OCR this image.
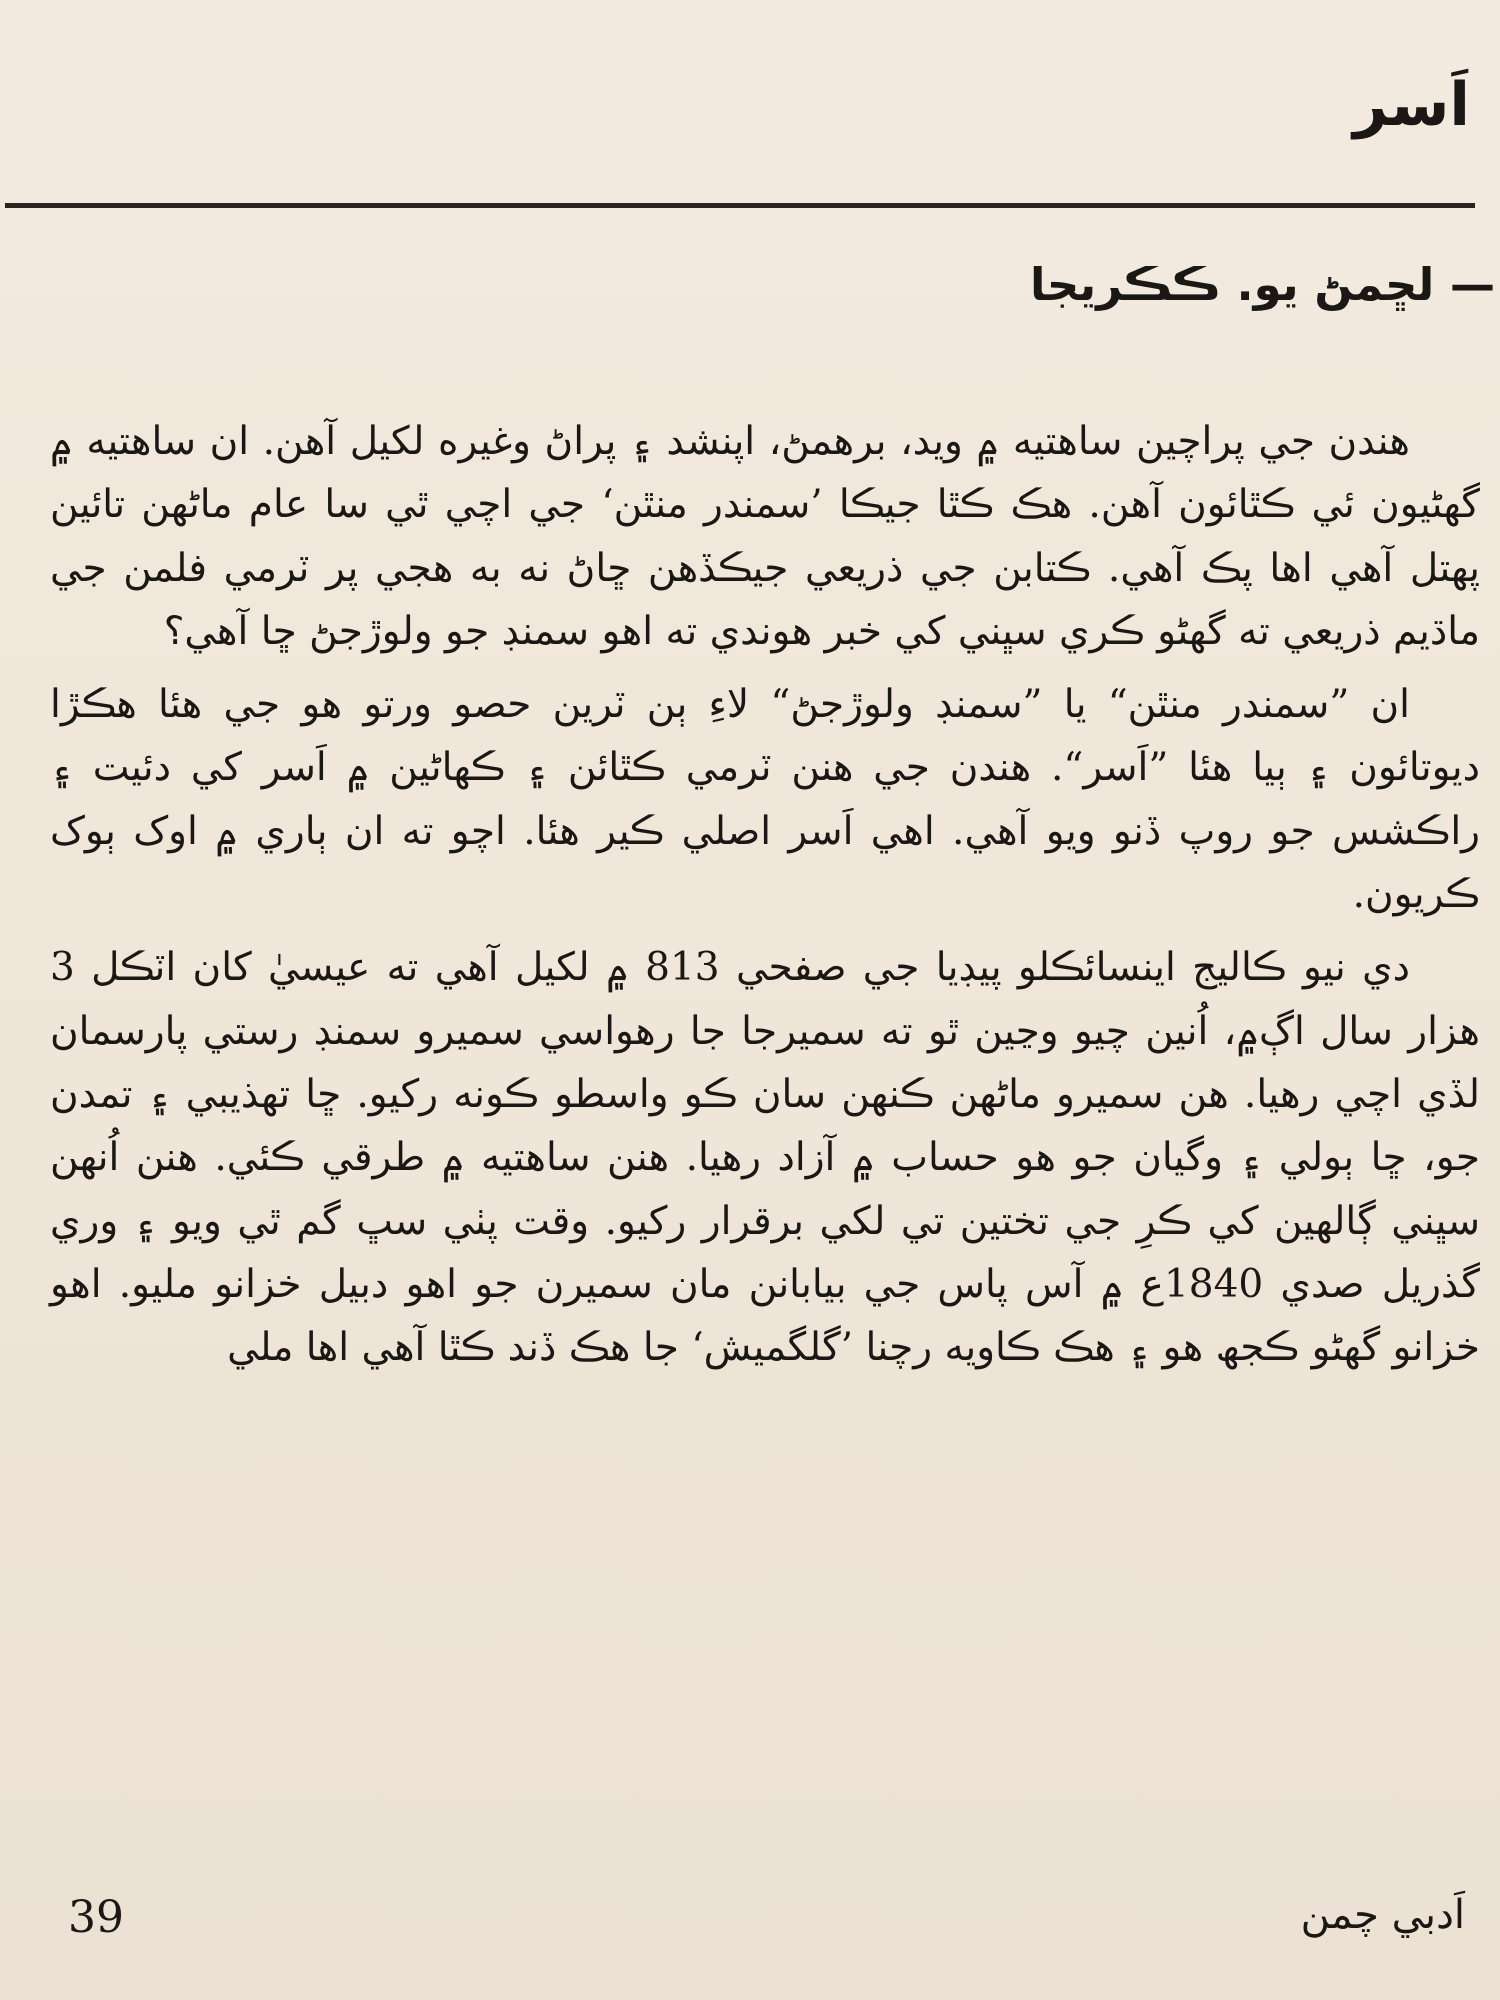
اَسر
— لڇمڻ يو. ڪڪريجا

هندن جي پراچين ساهتيه ۾ ويد، برهمڻ، اپنشد ۽ پراڻ وغيره لکيل آهن. ان ساهتيه ۾ گهڻيون ئي ڪٿائون آهن. هڪ ڪٿا جيڪا ’سمندر منٿن‘ جي اچي ٿي سا عام ماڻهن تائين پهتل آهي اها پڪ آهي. ڪتابن جي ذريعي جيڪڏهن ڇاڻ نه به هجي پر ٽرمي فلمن جي ماڌيم ذريعي ته گهڻو ڪري سڀني کي خبر هوندي ته اهو سمنڊ جو ولوڙجڻ ڇا آهي؟

ان ”سمندر منٿن“ يا ”سمنڊ ولوڙجڻ“ لاءِ ٻن ٽرين حصو ورتو هو جي هئا هڪڙا ديوتائون ۽ ٻيا هئا ”اَسر“. هندن جي هنن ٽرمي ڪٿائن ۽ ڪهاڻين ۾ اَسر کي دئيت ۽ راڪشس جو روپ ڏنو ويو آهي. اهي اَسر اصلي ڪير هئا. اچو ته ان ٻاري ۾ اوک ٻوک ڪريون.

دي نيو ڪاليج اينسائڪلو پيڊيا جي صفحي 813 ۾ لکيل آهي ته عيسيٰ کان اٽڪل 3 هزار سال اڳ۾، اُنين چيو وڃين ٿو ته سميرجا جا رهواسي سميرو سمنڊ رستي پارسمان لڏي اچي رهيا. هن سميرو ماڻهن ڪنهن سان ڪو واسطو ڪونه رکيو. ڇا تهذيبي ۽ تمدن جو، ڇا ٻولي ۽ وگيان جو هو حساب ۾ آزاد رهيا. هنن ساهتيه ۾ طرقي ڪئي. هنن اُنهن سڀني ڳالهين کي ڪرِ جي تختين تي لکي برقرار رکيو. وقت پٺي سڀ گم ٿي ويو ۽ وري گذريل صدي 1840ع ۾ آس پاس جي بيابانن مان سميرن جو اهو دبيل خزانو مليو. اهو خزانو گهڻو ڪجھ هو ۽ هڪ ڪاويه رچنا ’گلگميش‘ جا هڪ ڏند ڪٿا آهي اها ملي

39	اَدبي چمن
